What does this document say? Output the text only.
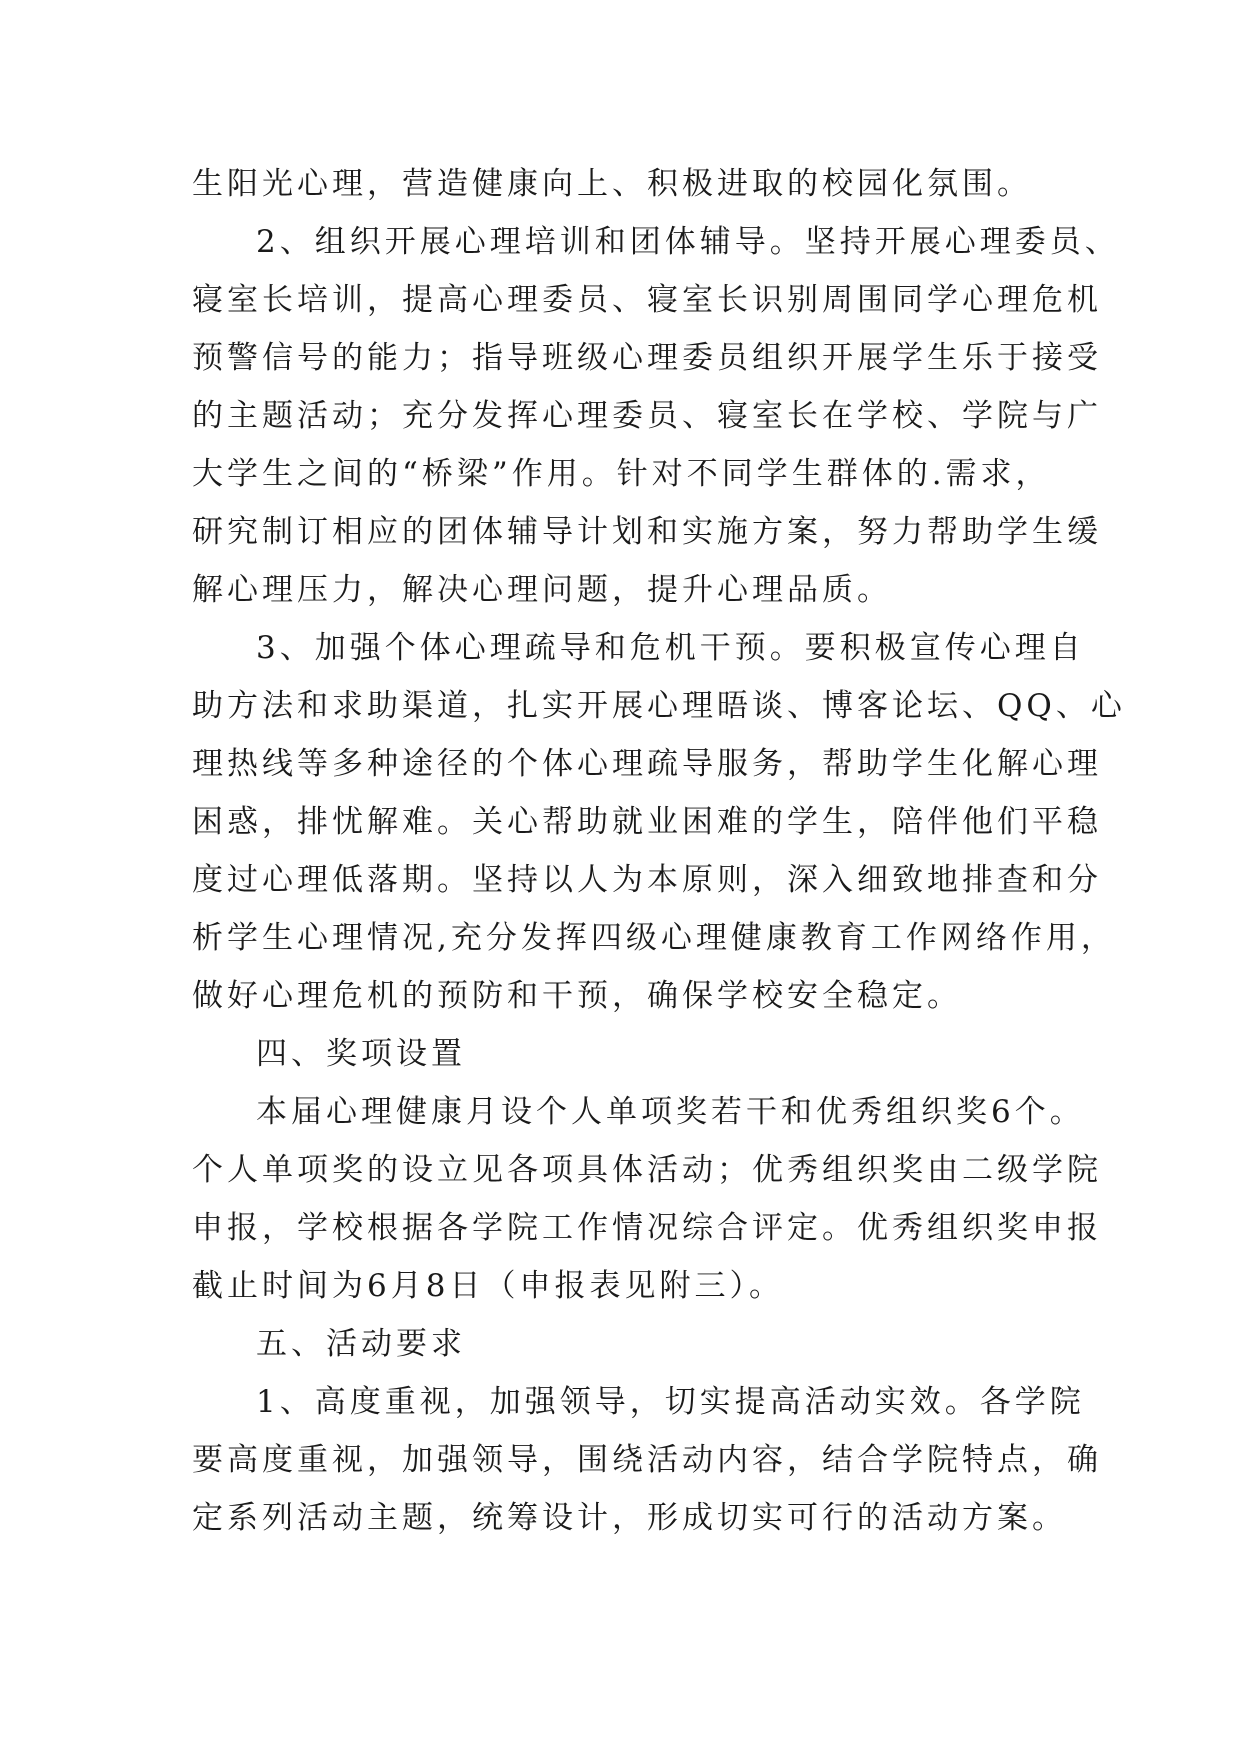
生阳光心理，营造健康向上、积极进取的校园化氛围。
2、组织开展心理培训和团体辅导。坚持开展心理委员、
寝室长培训，提高心理委员、寝室长识别周围同学心理危机
预警信号的能力；指导班级心理委员组织开展学生乐于接受
的主题活动；充分发挥心理委员、寝室长在学校、学院与广
大学生之间的“桥梁”作用。针对不同学生群体的.需求，
研究制订相应的团体辅导计划和实施方案，努力帮助学生缓
解心理压力，解决心理问题，提升心理品质。
3、加强个体心理疏导和危机干预。要积极宣传心理自
助方法和求助渠道，扎实开展心理晤谈、博客论坛、QQ、心
理热线等多种途径的个体心理疏导服务，帮助学生化解心理
困惑，排忧解难。关心帮助就业困难的学生，陪伴他们平稳
度过心理低落期。坚持以人为本原则，深入细致地排查和分
析学生心理情况,充分发挥四级心理健康教育工作网络作用，
做好心理危机的预防和干预，确保学校安全稳定。
四、奖项设置
本届心理健康月设个人单项奖若干和优秀组织奖6个。
个人单项奖的设立见各项具体活动；优秀组织奖由二级学院
申报，学校根据各学院工作情况综合评定。优秀组织奖申报
截止时间为6月8日（申报表见附三）。
五、活动要求
1、高度重视，加强领导，切实提高活动实效。各学院
要高度重视，加强领导，围绕活动内容，结合学院特点，确
定系列活动主题，统筹设计，形成切实可行的活动方案。
